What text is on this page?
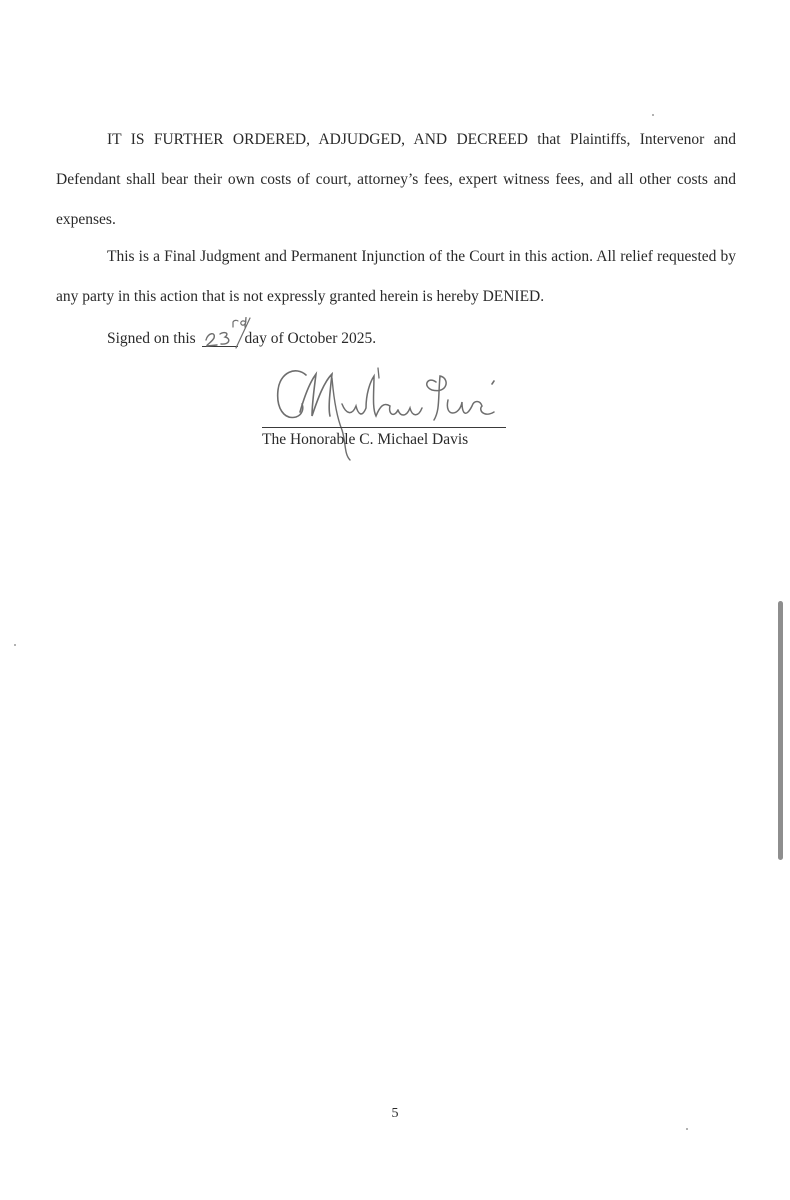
IT IS FURTHER ORDERED, ADJUDGED, AND DECREED that Plaintiffs, Intervenor and Defendant shall bear their own costs of court, attorney’s fees, expert witness fees, and all other costs and expenses.

This is a Final Judgment and Permanent Injunction of the Court in this action. All relief requested by any party in this action that is not expressly granted herein is hereby DENIED.

Signed on this	day of October 2025.
The Honorable C. Michael Davis
5
